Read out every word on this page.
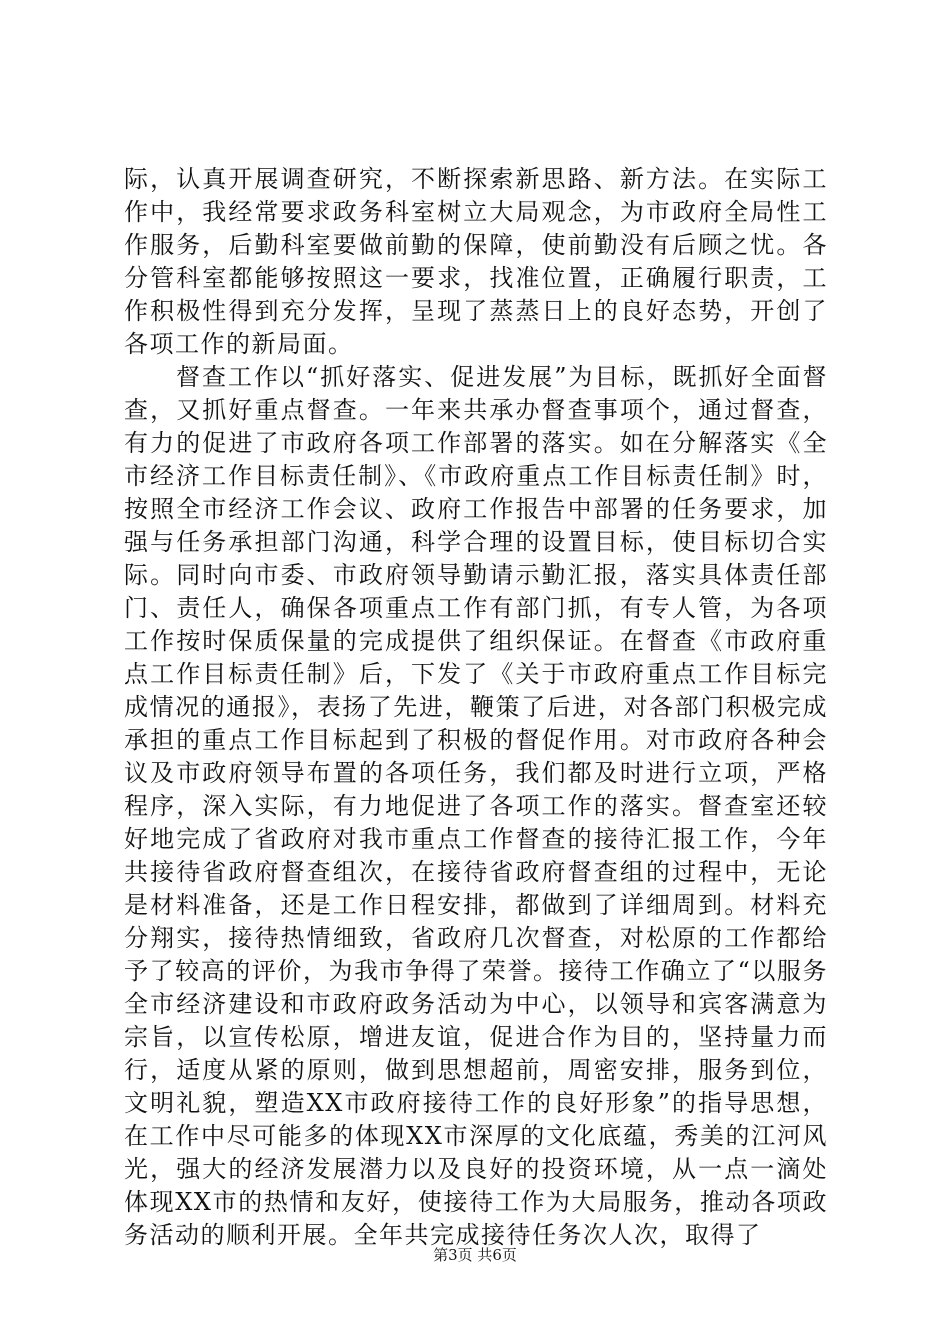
际，认真开展调查研究，不断探索新思路、新方法。在实际工作中，我经常要求政务科室树立大局观念，为市政府全局性工作服务，后勤科室要做前勤的保障，使前勤没有后顾之忧。各分管科室都能够按照这一要求，找准位置，正确履行职责，工作积极性得到充分发挥，呈现了蒸蒸日上的良好态势，开创了各项工作的新局面。

督查工作以“抓好落实、促进发展”为目标，既抓好全面督查，又抓好重点督查。一年来共承办督查事项个，通过督查，有力的促进了市政府各项工作部署的落实。如在分解落实《全市经济工作目标责任制》、《市政府重点工作目标责任制》时，按照全市经济工作会议、政府工作报告中部署的任务要求，加强与任务承担部门沟通，科学合理的设置目标，使目标切合实际。同时向市委、市政府领导勤请示勤汇报，落实具体责任部门、责任人，确保各项重点工作有部门抓，有专人管，为各项工作按时保质保量的完成提供了组织保证。在督查《市政府重点工作目标责任制》后，下发了《关于市政府重点工作目标完成情况的通报》，表扬了先进，鞭策了后进，对各部门积极完成承担的重点工作目标起到了积极的督促作用。对市政府各种会议及市政府领导布置的各项任务，我们都及时进行立项，严格程序，深入实际，有力地促进了各项工作的落实。督查室还较好地完成了省政府对我市重点工作督查的接待汇报工作，今年共接待省政府督查组次，在接待省政府督查组的过程中，无论是材料准备，还是工作日程安排，都做到了详细周到。材料充分翔实，接待热情细致，省政府几次督查，对松原的工作都给予了较高的评价，为我市争得了荣誉。接待工作确立了“以服务全市经济建设和市政府政务活动为中心，以领导和宾客满意为宗旨，以宣传松原，增进友谊，促进合作为目的，坚持量力而行，适度从紧的原则，做到思想超前，周密安排，服务到位，文明礼貌，塑造XX市政府接待工作的良好形象”的指导思想，在工作中尽可能多的体现XX市深厚的文化底蕴，秀美的江河风光，强大的经济发展潜力以及良好的投资环境，从一点一滴处体现XX市的热情和友好，使接待工作为大局服务，推动各项政务活动的顺利开展。全年共完成接待任务次人次，取得了

第3页 共6页
